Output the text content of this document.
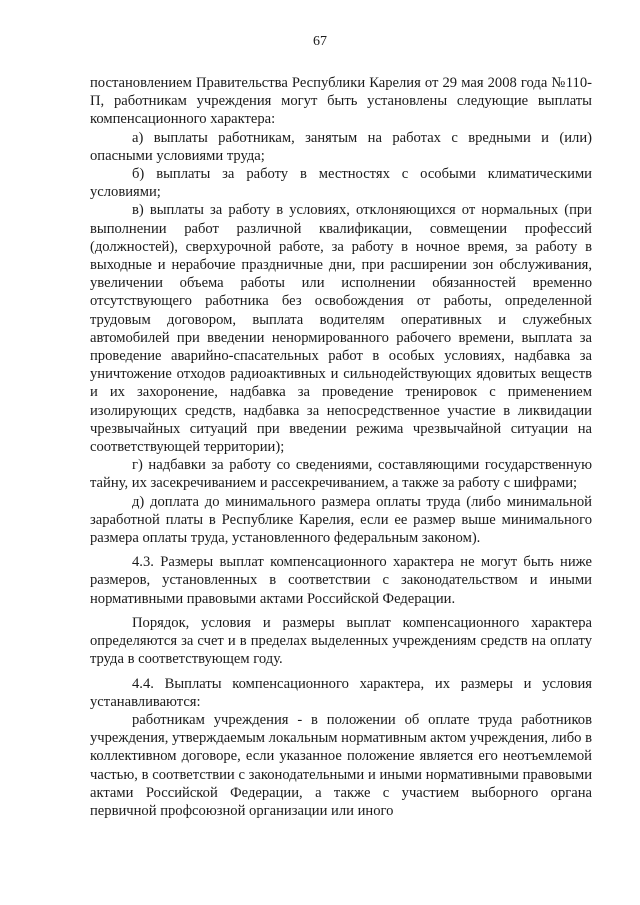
67

постановлением Правительства Республики Карелия от 29 мая 2008 года №110-П, работникам учреждения могут быть установлены следующие выплаты компенсационного характера:

а) выплаты работникам, занятым на работах с вредными и (или) опасными условиями труда;

б) выплаты за работу в местностях с особыми климатическими условиями;

в) выплаты за работу в условиях, отклоняющихся от нормальных (при выполнении работ различной квалификации, совмещении профессий (должностей), сверхурочной работе, за работу в ночное время, за работу в выходные и нерабочие праздничные дни, при расширении зон обслуживания, увеличении объема работы или исполнении обязанностей временно отсутствующего работника без освобождения от работы, определенной трудовым договором, выплата водителям оперативных и служебных автомобилей при введении ненормированного рабочего времени, выплата за проведение аварийно-спасательных работ в особых условиях, надбавка за уничтожение отходов радиоактивных и сильнодействующих ядовитых веществ и их захоронение, надбавка за проведение тренировок с применением изолирующих средств, надбавка за непосредственное участие в ликвидации чрезвычайных ситуаций при введении режима чрезвычайной ситуации на соответствующей территории);

г) надбавки за работу со сведениями, составляющими государственную тайну, их засекречиванием и рассекречиванием, а также за работу с шифрами;

д) доплата до минимального размера оплаты труда (либо минимальной заработной платы в Республике Карелия, если ее размер выше минимального размера оплаты труда, установленного федеральным законом).

4.3. Размеры выплат компенсационного характера не могут быть ниже размеров, установленных в соответствии с законодательством и иными нормативными правовыми актами Российской Федерации.

Порядок, условия и размеры выплат компенсационного характера определяются за счет и в пределах выделенных учреждениям средств на оплату труда в соответствующем году.

4.4. Выплаты компенсационного характера, их размеры и условия устанавливаются:

работникам учреждения - в положении об оплате труда работников учреждения, утверждаемым локальным нормативным актом учреждения, либо в коллективном договоре, если указанное положение является его неотъемлемой частью, в соответствии с законодательными и иными нормативными правовыми актами Российской Федерации, а также с участием выборного органа первичной профсоюзной организации или иного
